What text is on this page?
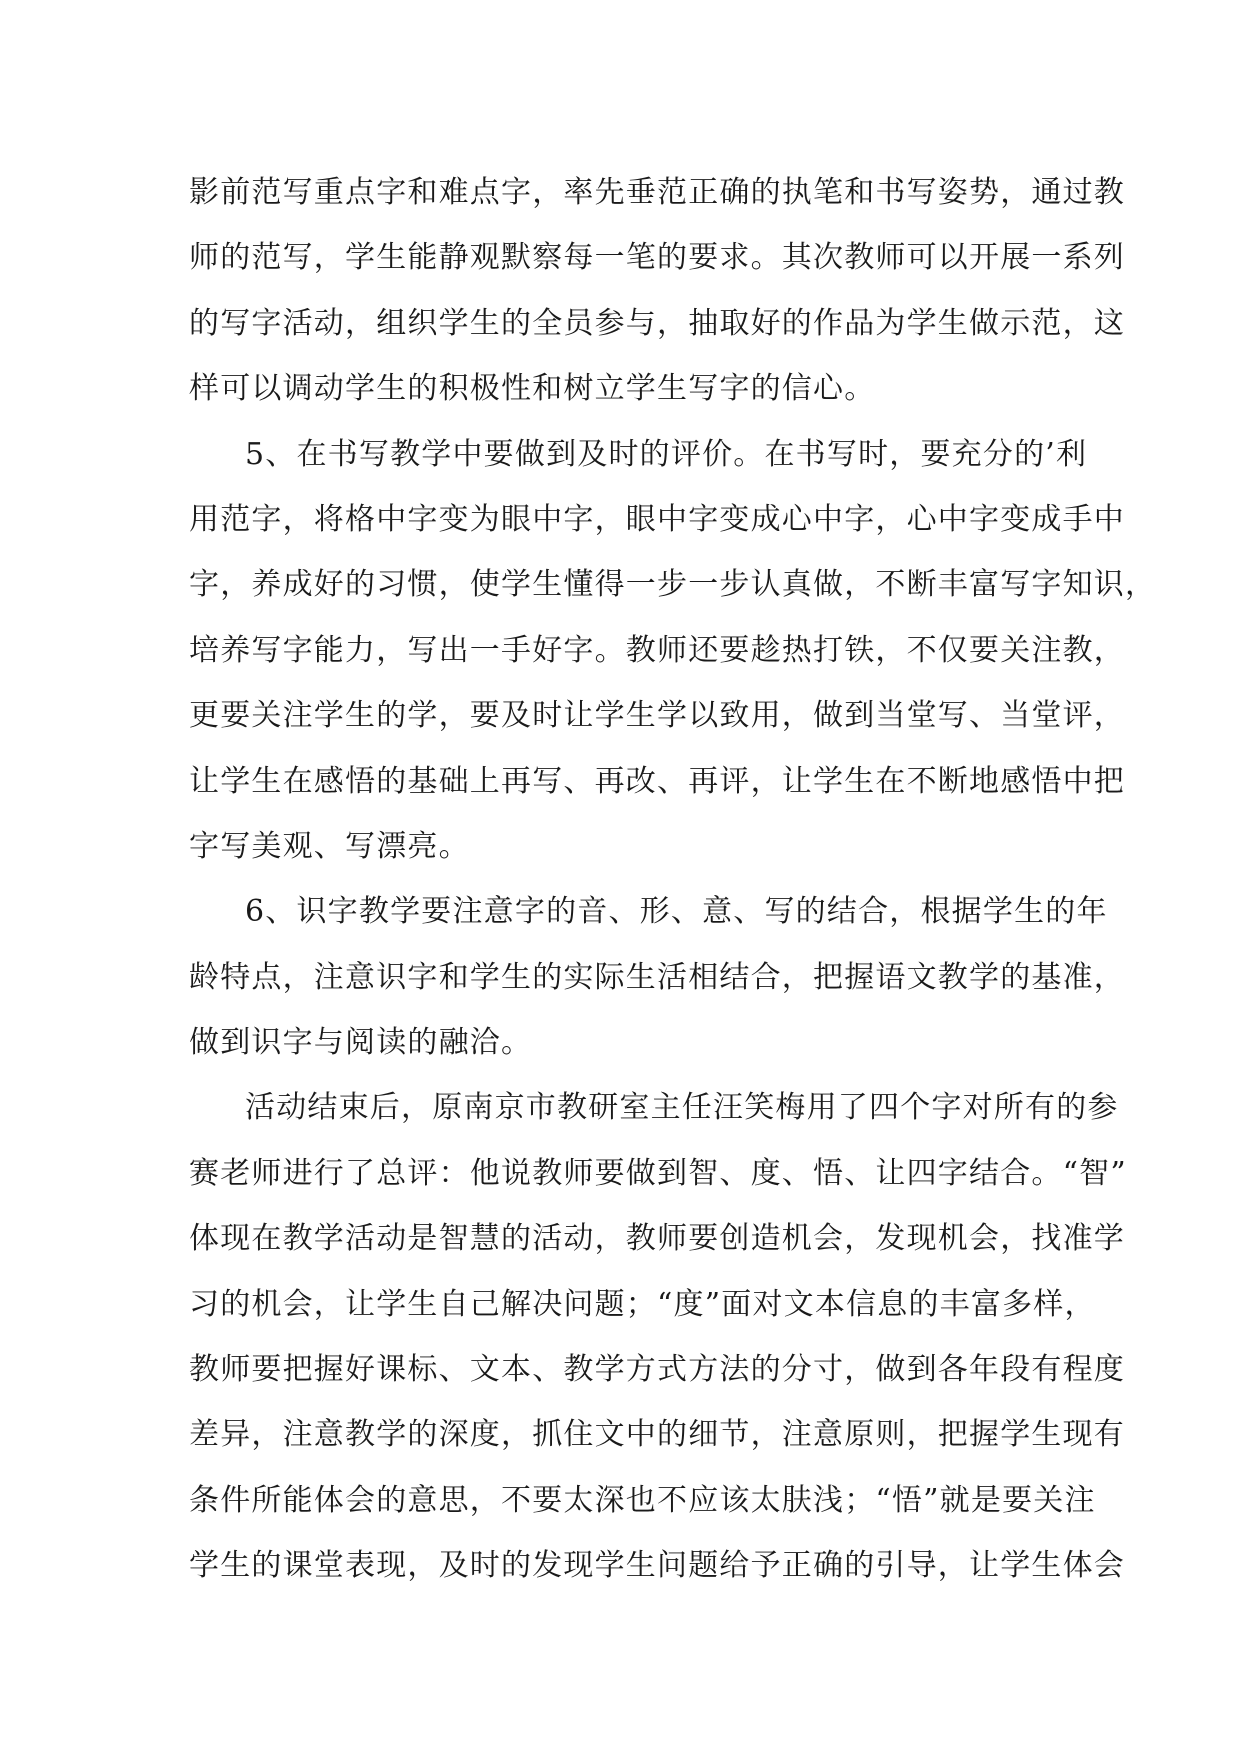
影前范写重点字和难点字，率先垂范正确的执笔和书写姿势，通过教
师的范写，学生能静观默察每一笔的要求。其次教师可以开展一系列
的写字活动，组织学生的全员参与，抽取好的作品为学生做示范，这
样可以调动学生的积极性和树立学生写字的信心。
5、在书写教学中要做到及时的评价。在书写时，要充分的’利
用范字，将格中字变为眼中字，眼中字变成心中字，心中字变成手中
字，养成好的习惯，使学生懂得一步一步认真做，不断丰富写字知识，
培养写字能力，写出一手好字。教师还要趁热打铁，不仅要关注教，
更要关注学生的学，要及时让学生学以致用，做到当堂写、当堂评，
让学生在感悟的基础上再写、再改、再评，让学生在不断地感悟中把
字写美观、写漂亮。
6、识字教学要注意字的音、形、意、写的结合，根据学生的年
龄特点，注意识字和学生的实际生活相结合，把握语文教学的基准，
做到识字与阅读的融洽。
活动结束后，原南京市教研室主任汪笑梅用了四个字对所有的参
赛老师进行了总评：他说教师要做到智、度、悟、让四字结合。“智”
体现在教学活动是智慧的活动，教师要创造机会，发现机会，找准学
习的机会，让学生自己解决问题；“度”面对文本信息的丰富多样，
教师要把握好课标、文本、教学方式方法的分寸，做到各年段有程度
差异，注意教学的深度，抓住文中的细节，注意原则，把握学生现有
条件所能体会的意思，不要太深也不应该太肤浅；“悟”就是要关注
学生的课堂表现，及时的发现学生问题给予正确的引导，让学生体会
